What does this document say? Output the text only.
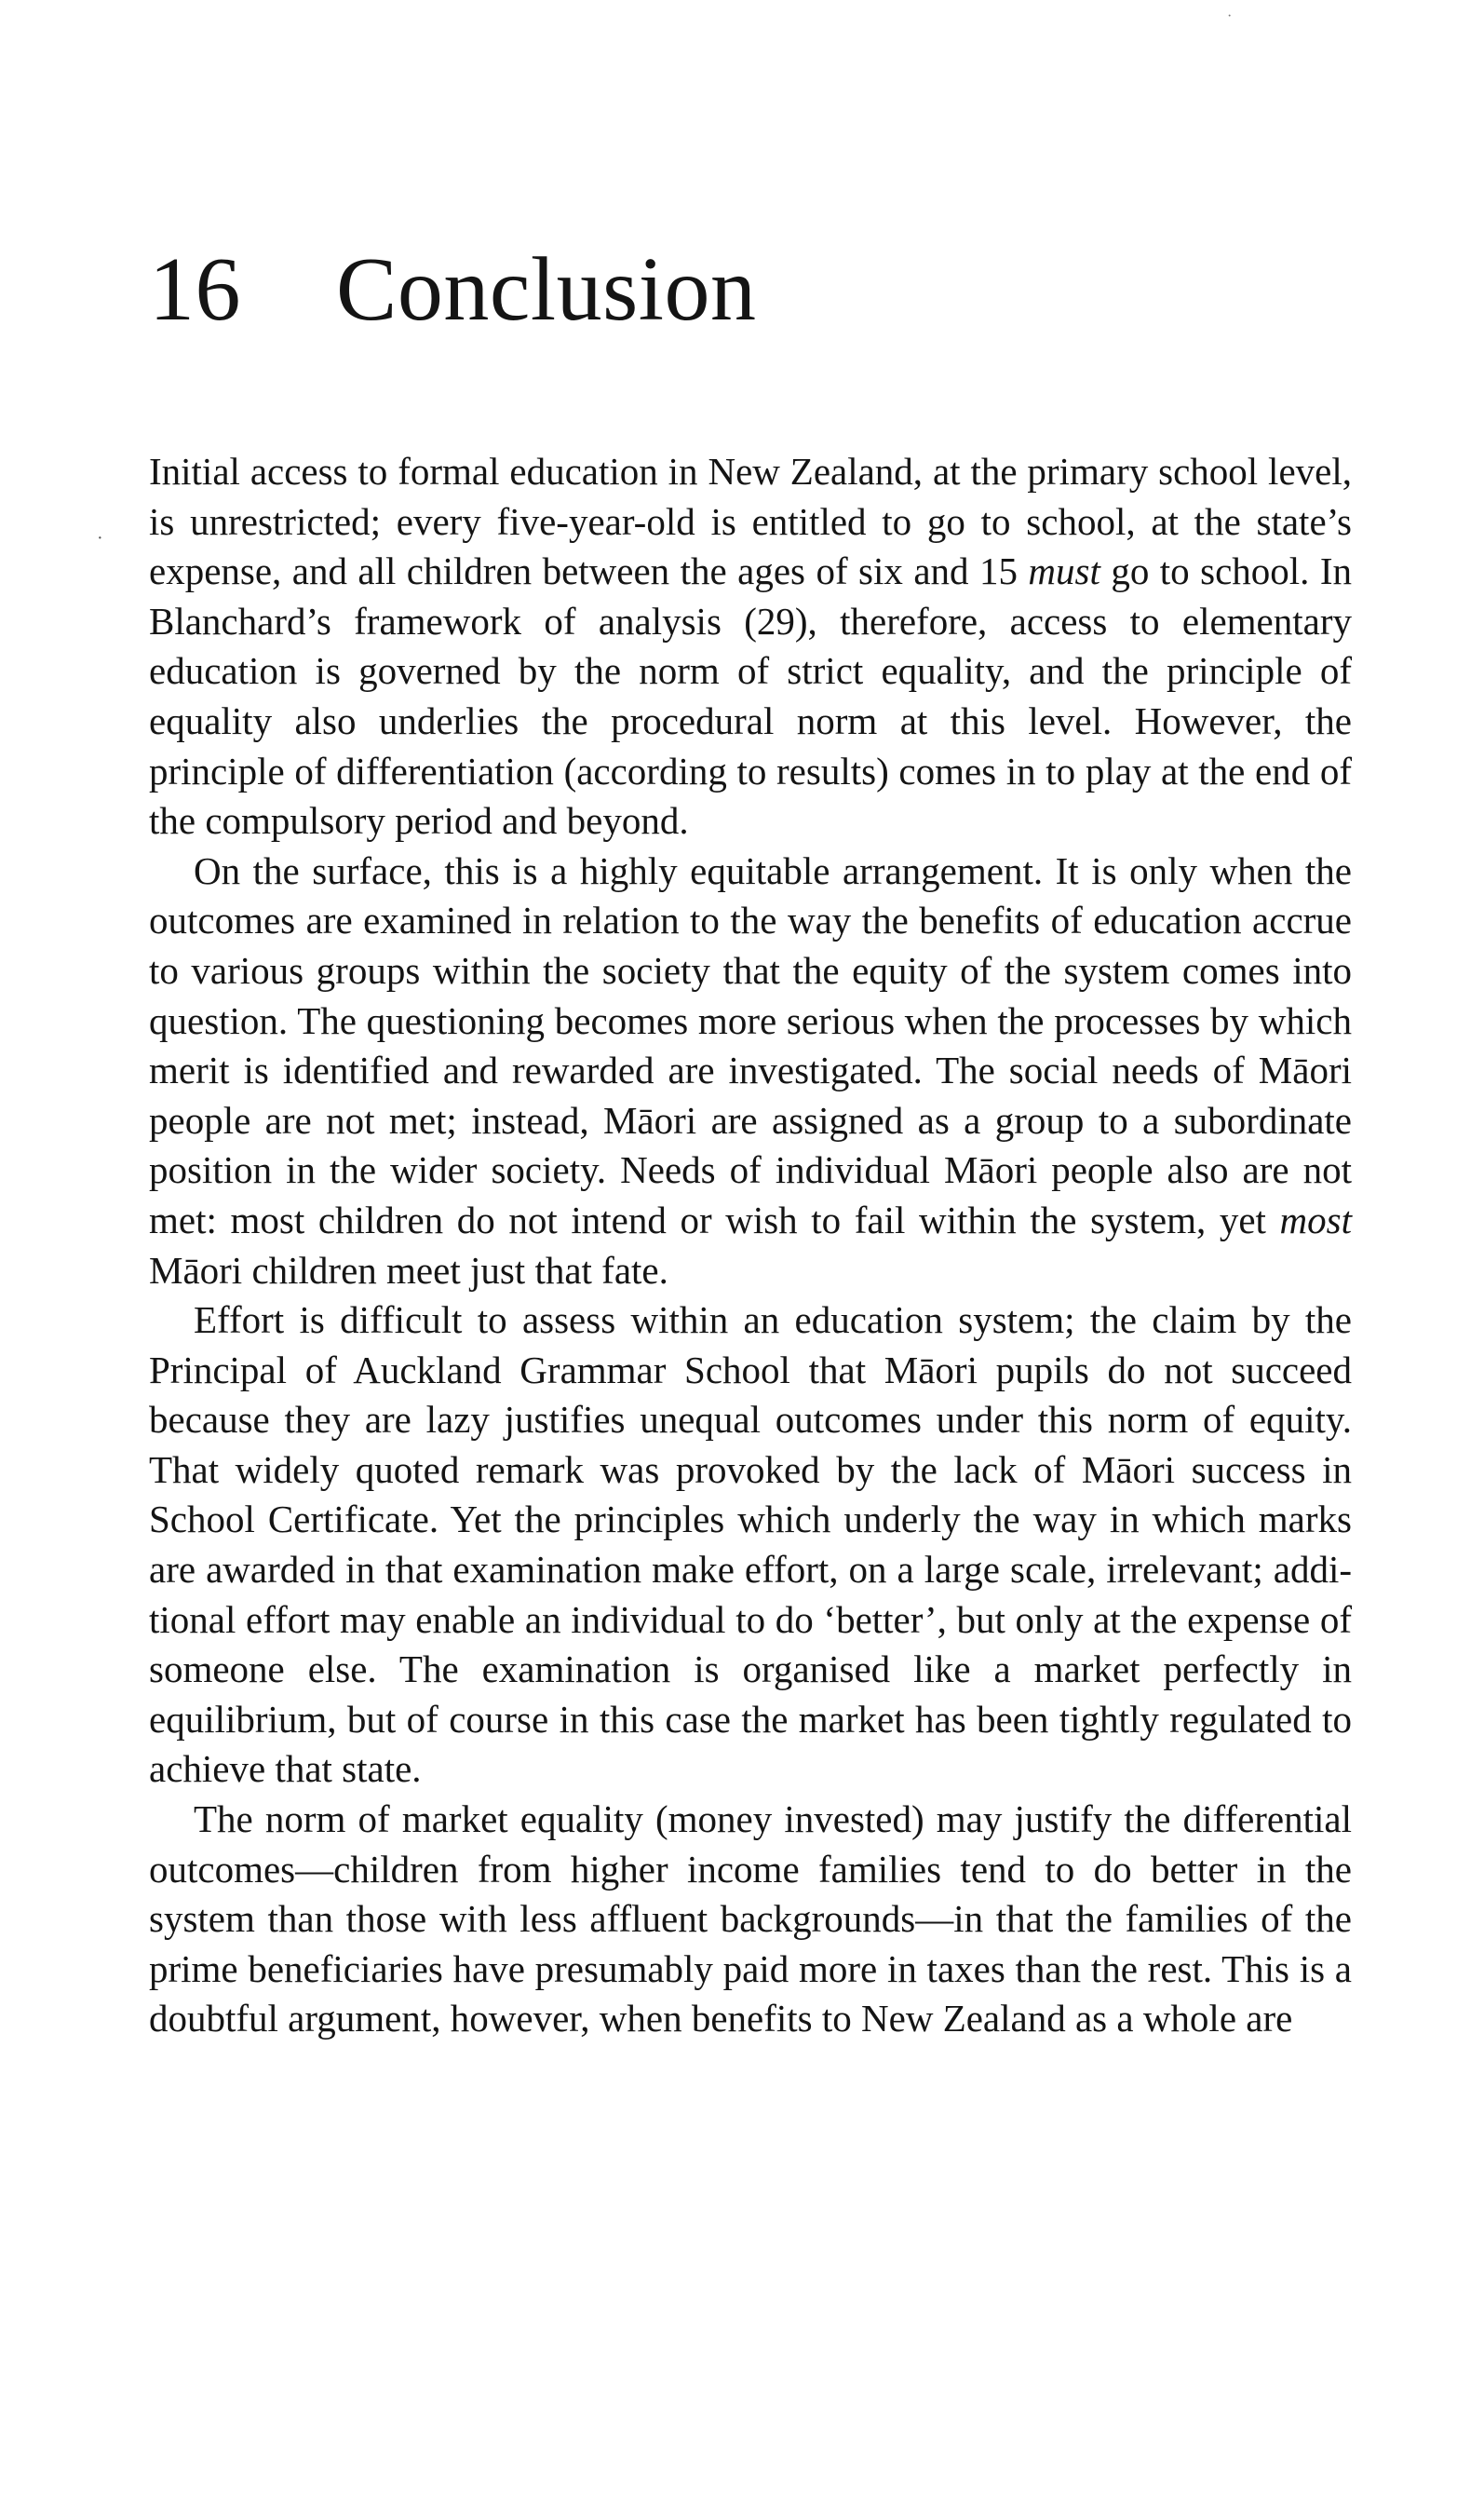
·
16 Conclusion
·

Initial access to formal education in New Zealand, at the primary school level, is unrestricted; every five-year-old is entitled to go to school, at the state’s expense, and all children between the ages of six and 15 must go to school. In Blanchard’s framework of analysis (29), therefore, access to elementary education is governed by the norm of strict equality, and the principle of equality also underlies the procedural norm at this level. However, the principle of differentiation (according to results) comes in to play at the end of the compulsory period and beyond.

On the surface, this is a highly equitable arrangement. It is only when the outcomes are examined in relation to the way the benefits of education accrue to various groups within the society that the equity of the system comes into question. The questioning becomes more serious when the processes by which merit is identified and rewarded are investigated. The social needs of Māori people are not met; instead, Māori are assigned as a group to a subordinate position in the wider society. Needs of individual Māori people also are not met: most children do not intend or wish to fail within the system, yet most Māori children meet just that fate.

Effort is difficult to assess within an education system; the claim by the Principal of Auckland Grammar School that Māori pupils do not succeed because they are lazy justifies unequal outcomes under this norm of equity. That widely quoted remark was provoked by the lack of Māori success in School Certificate. Yet the principles which underly the way in which marks are awarded in that examination make effort, on a large scale, irrelevant; additional effort may enable an individual to do ‘better’, but only at the expense of someone else. The examination is organised like a market perfectly in equilibrium, but of course in this case the market has been tightly regulated to achieve that state.

The norm of market equality (money invested) may justify the differential outcomes—children from higher income families tend to do better in the system than those with less affluent backgrounds—in that the families of the prime beneficiaries have presumably paid more in taxes than the rest. This is a doubtful argument, however, when benefits to New Zealand as a whole are
